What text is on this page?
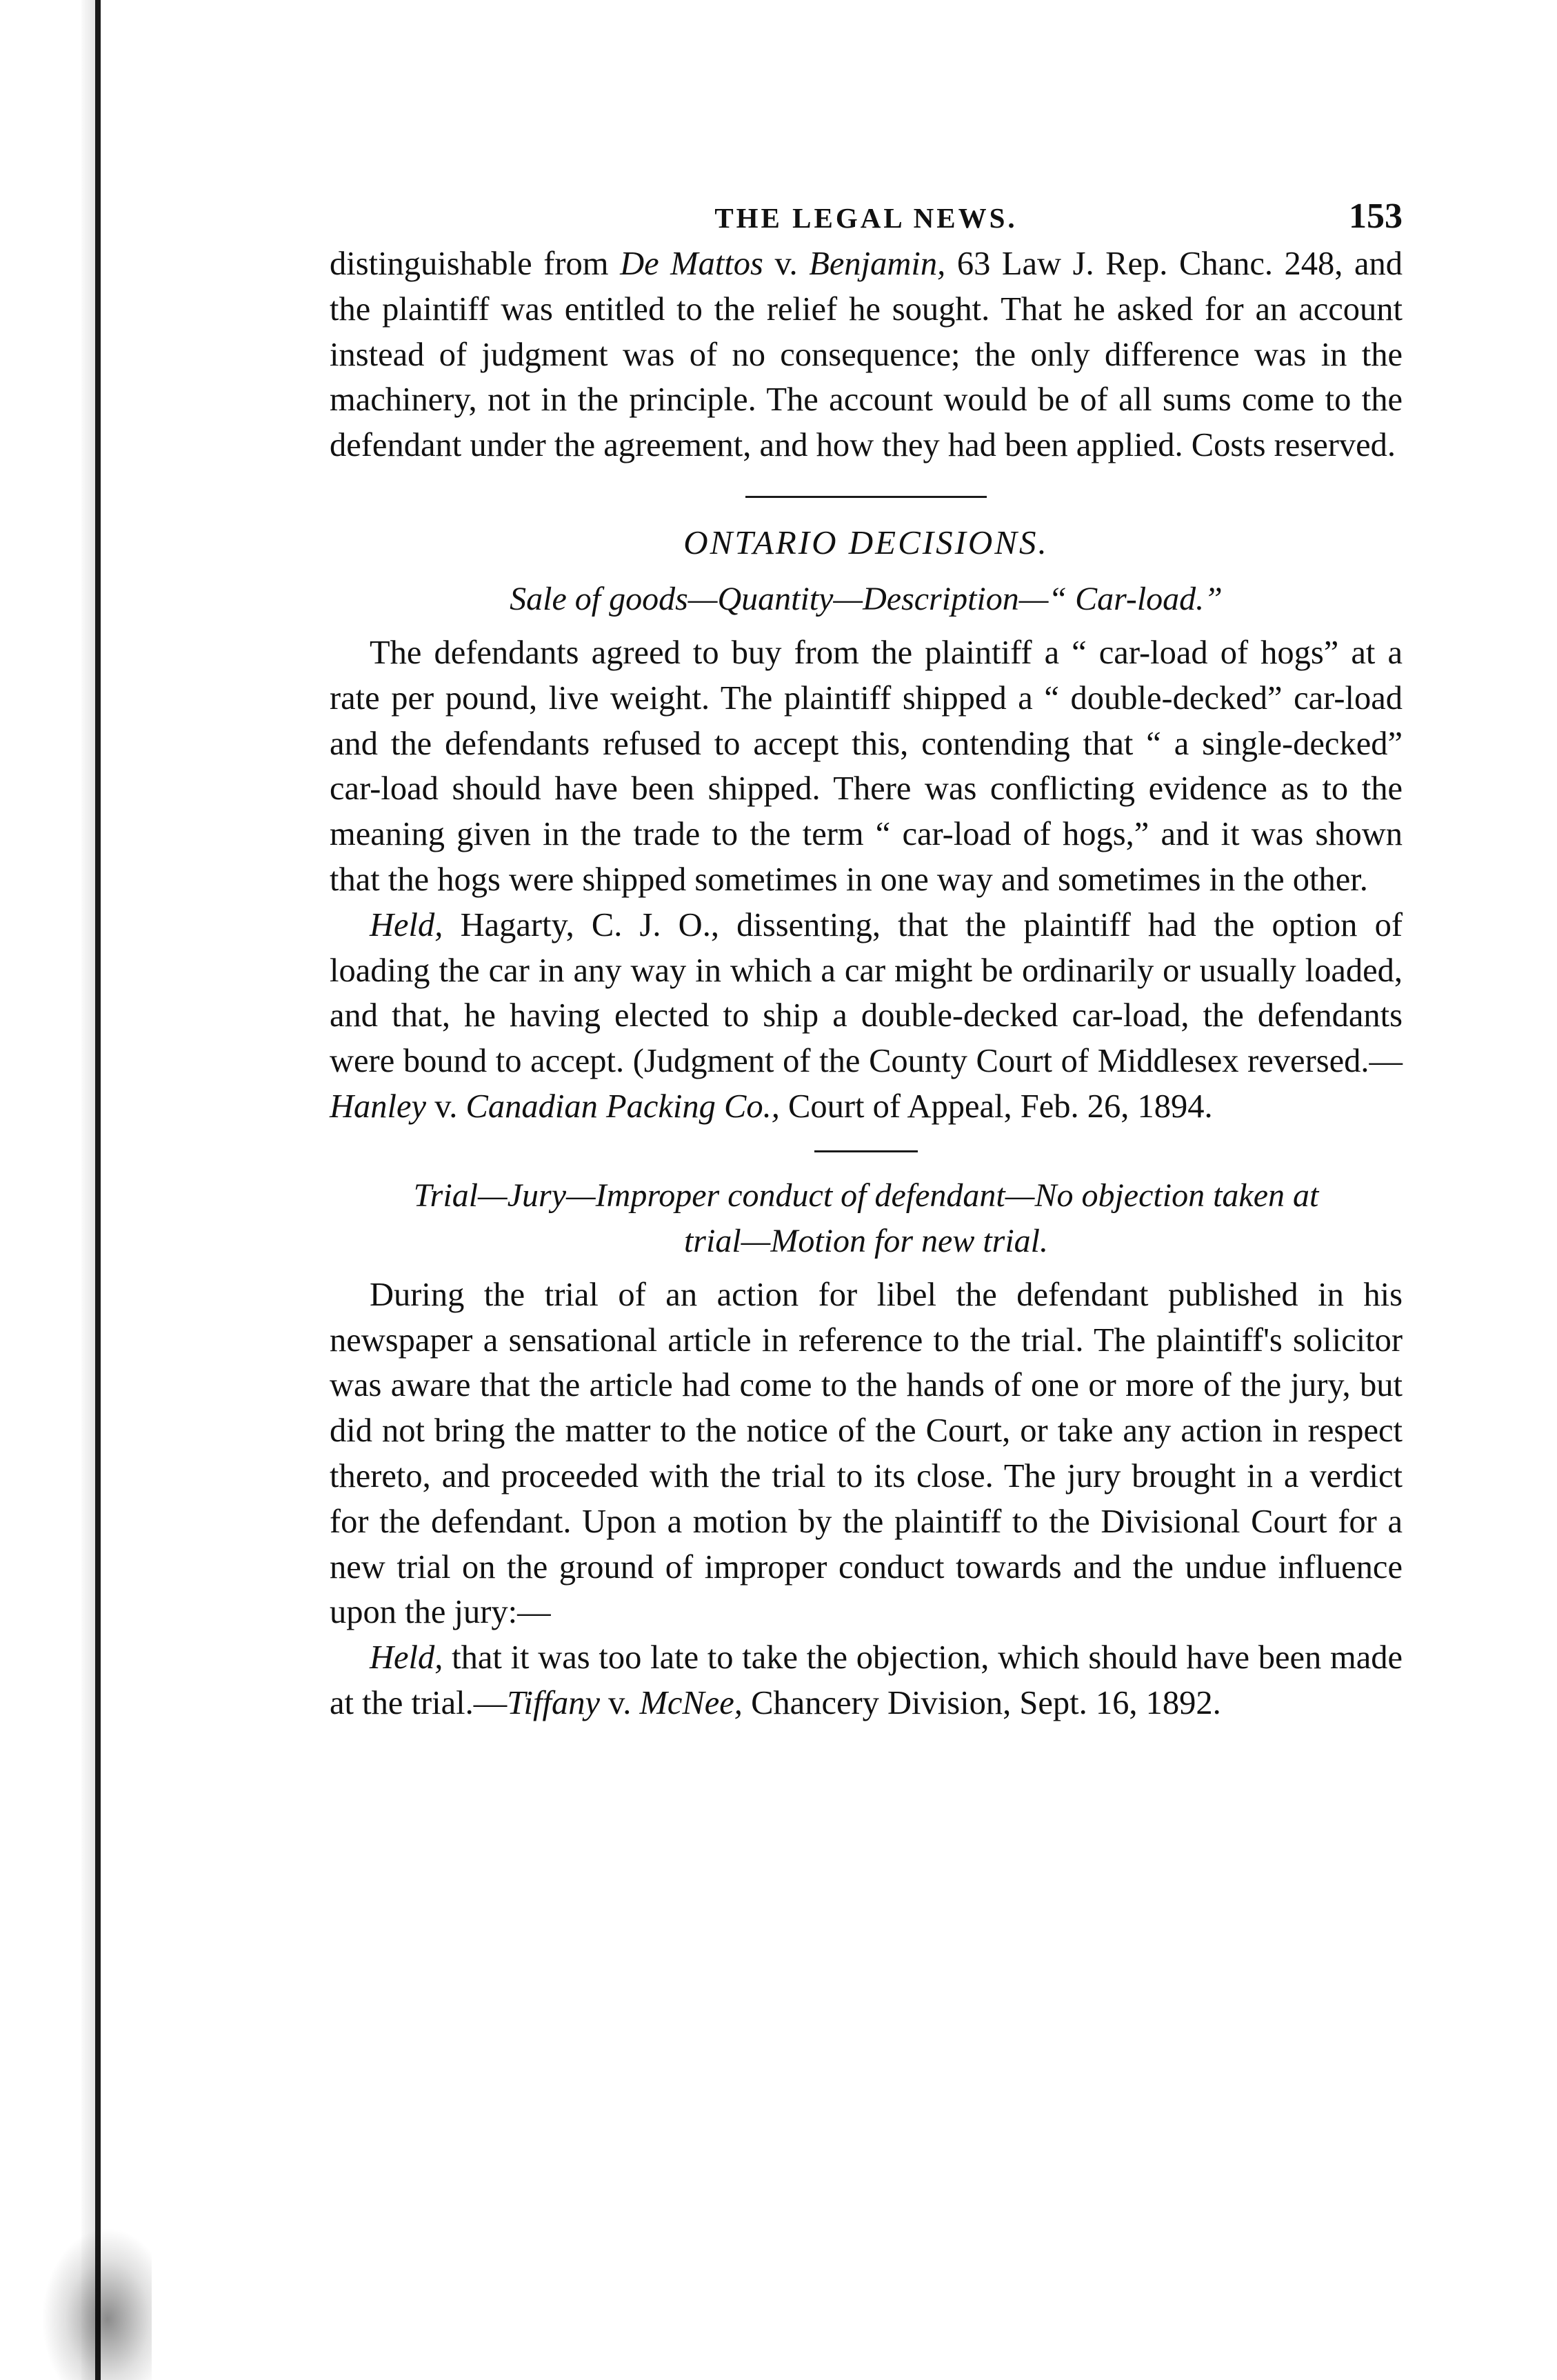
THE LEGAL NEWS.	153

distinguishable from De Mattos v. Benjamin, 63 Law J. Rep. Chanc. 248, and the plaintiff was entitled to the relief he sought. That he asked for an account instead of judgment was of no consequence; the only difference was in the machinery, not in the principle. The account would be of all sums come to the defendant under the agreement, and how they had been applied. Costs reserved.

ONTARIO DECISIONS.
Sale of goods—Quantity—Description—“ Car-load.”

The defendants agreed to buy from the plaintiff a “ car-load of hogs” at a rate per pound, live weight. The plaintiff shipped a “ double-decked” car-load and the defendants refused to accept this, contending that “ a single-decked” car-load should have been shipped. There was conflicting evidence as to the meaning given in the trade to the term “ car-load of hogs,” and it was shown that the hogs were shipped sometimes in one way and sometimes in the other.

Held, Hagarty, C. J. O., dissenting, that the plaintiff had the option of loading the car in any way in which a car might be ordinarily or usually loaded, and that, he having elected to ship a double-decked car-load, the defendants were bound to accept. (Judgment of the County Court of Middlesex reversed.—Hanley v. Canadian Packing Co., Court of Appeal, Feb. 26, 1894.

Trial—Jury—Improper conduct of defendant—No objection taken at
trial—Motion for new trial.

During the trial of an action for libel the defendant published in his newspaper a sensational article in reference to the trial. The plaintiff's solicitor was aware that the article had come to the hands of one or more of the jury, but did not bring the matter to the notice of the Court, or take any action in respect thereto, and proceeded with the trial to its close. The jury brought in a verdict for the defendant. Upon a motion by the plaintiff to the Divisional Court for a new trial on the ground of improper conduct towards and the undue influence upon the jury:—

Held, that it was too late to take the objection, which should have been made at the trial.—Tiffany v. McNee, Chancery Division, Sept. 16, 1892.
